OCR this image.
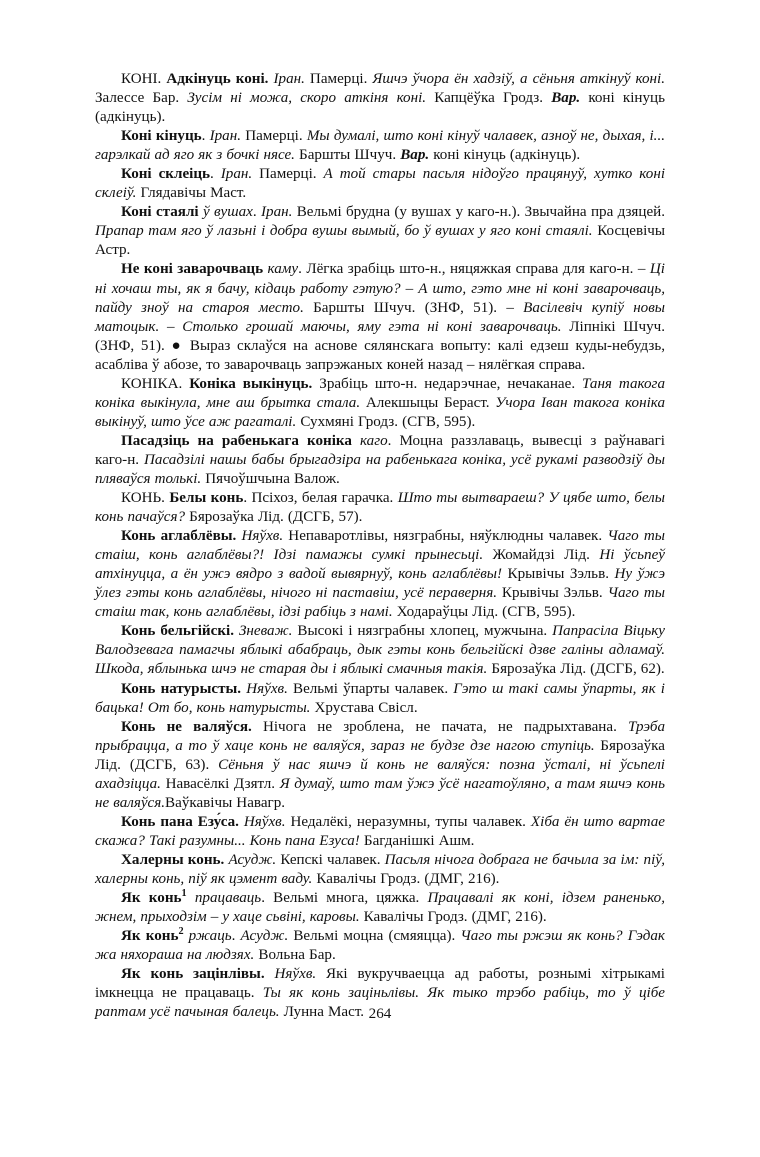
КОНІ. Адкінуць коні. Іран. Памерці. Яшчэ ўчора ён хадзіў, а сёньня аткінуў коні. Залессе Бар. Зусім ні можа, скоро аткіня коні. Капцёўка Гродз. Вар. коні кінуць (адкінуць).

Коні кінуць. Іран. Памерці. Мы думалі, што коні кінуў чалавек, азноў не, дыхая, і... гарэлкай ад яго як з бочкі нясе. Баршты Шчуч. Вар. коні кінуць (адкінуць).

Коні склеіць. Іран. Памерці. А той стары пасьля нідоўго працянуў, хутко коні склеіў. Глядавічы Маст.

Коні стаялі ў вушах. Іран. Вельмі брудна (у вушах у каго-н.). Звычайна пра дзяцей. Прапар там яго ў лазьні і добра вушы вымый, бо ў вушах у яго коні стаялі. Косцевічы Астр.

Не коні заварочваць каму. Лёгка зрабіць што-н., няцяжкая справа для каго-н. – Ці ні хочаш ты, як я бачу, кідаць работу гэтую? – А што, гэто мне ні коні заварочваць, пайду зноў на староя место. Баршты Шчуч. (ЗНФ, 51). – Васілевіч купіў новы матоцык. – Столько грошай маючы, яму гэта ні коні заварочваць. Ліпнікі Шчуч. (ЗНФ, 51). ● Выраз склаўся на аснове сялянскага вопыту: калі едзеш куды-небудзь, асабліва ў абозе, то заварочваць запрэжаных коней назад – нялёгкая справа.

КОНІКА. Коніка выкінуць. Зрабіць што-н. недарэчнае, нечаканае. Таня такога коніка выкінула, мне аш брытка стала. Алекшыцы Бераст. Учора Іван такога коніка выкінуў, што ўсе аж рагаталі. Сухмяні Гродз. (СГВ, 595).

Пасадзіць на рабенькага коніка каго. Моцна раззлаваць, вывесці з раўнавагі каго-н. Пасадзілі нашы бабы брыгадзіра на рабенькага коніка, усё рукамі разводзіў ды пляваўся толькі. Пячоўшчына Валож.

КОНЬ. Белы конь. Псіхоз, белая гарачка. Што ты вытвараеш? У цябе што, белы конь пачаўся? Бярозаўка Лід. (ДСГБ, 57).

Конь аглаблёвы. Няўхв. Непаваротлівы, нязграбны, няўклюдны чалавек. Чаго ты стаіш, конь аглаблёвы?! Ідзі памажы сумкі прынесьці. Жомайдзі Лід. Ні ўсьпеў атхінуцца, а ён ужэ вядро з вадой вывярнуў, конь аглаблёвы! Крывічы Зэльв. Ну ўжэ ўлез гэты конь аглаблёвы, нічого ні паставіш, усё пераверня. Крывічы Зэльв. Чаго ты стаіш так, конь аглаблёвы, ідзі рабіць з намі. Ходараўцы Лід. (СГВ, 595).

Конь бельгійскі. Зневаж. Высокі і нязграбны хлопец, мужчына. Папрасіла Віцьку Валодзевага памагчы яблыкі абабраць, дык гэты конь бельгійскі дзве галіны адламаў. Шкода, яблынька шчэ не старая ды і яблыкі смачныя такія. Бярозаўка Лід. (ДСГБ, 62).

Конь натурысты. Няўхв. Вельмі ўпарты чалавек. Гэто ш такі самы ўпарты, як і бацька! От бо, конь натурысты. Хрустава Свісл.

Конь не валяўся. Нічога не зроблена, не пачата, не падрыхтавана. Трэба прыбрацца, а то ў хаце конь не валяўся, зараз не будзе дзе нагою ступіць. Бярозаўка Лід. (ДСГБ, 63). Сёньня ў нас яшчэ й конь не валяўся: позна ўсталі, ні ўсьпелі ахадзіцца. Навасёлкі Дзятл. Я думаў, што там ўжэ ўсё нагатоўляно, а там яшчэ конь не валяўся.Ваўкавічы Навагр.

Конь пана Езу́са. Няўхв. Недалёкі, неразумны, тупы чалавек. Хіба ён што вартае скажа? Такі разумны... Конь пана Езуса! Багданішкі Ашм.

Халерны конь. Асудж. Кепскі чалавек. Пасьля нічога добрага не бачыла за ім: піў, халерны конь, піў як цэмент ваду. Кавалічы Гродз. (ДМГ, 216).

Як конь$^1$ працаваць. Вельмі многа, цяжка. Працавалі як коні, ідзем раненько, жнем, прыходзім – у хаце сьвіні, каровы. Кавалічы Гродз. (ДМГ, 216).

Як конь$^2$ ржаць. Асудж. Вельмі моцна (смяяцца). Чаго ты ржэш як конь? Гэдак жа няхораша на людзях. Вольна Бар.

Як конь зацінлівы. Няўхв. Які вукручваецца ад работы, рознымі хітрыкамі імкнецца не працаваць. Ты як конь заціньлівы. Як тыко трэбо рабіць, то ў цібе раптам усё пачыная балець. Лунна Маст. 264
